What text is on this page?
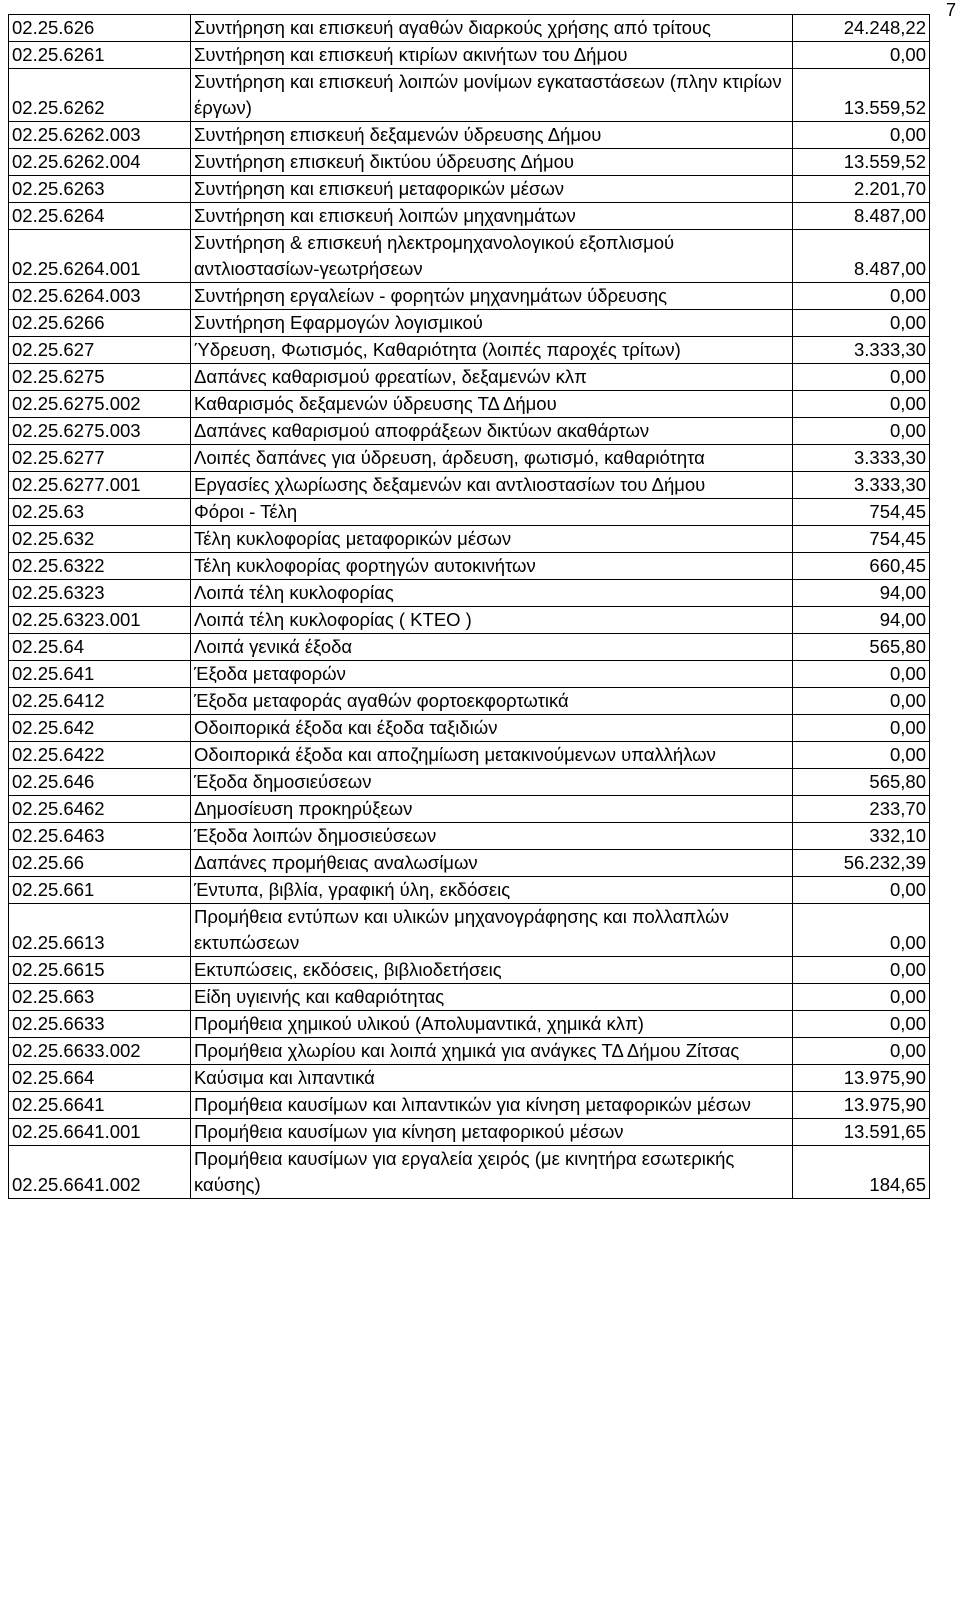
7
02.25.626	Συντήρηση και επισκευή αγαθών διαρκούς χρήσης από τρίτους	24.248,22
02.25.6261	Συντήρηση και επισκευή κτιρίων ακινήτων του Δήμου	0,00
02.25.6262	Συντήρηση και επισκευή λοιπών μονίμων εγκαταστάσεων (πλην κτιρίων έργων)	13.559,52
02.25.6262.003	Συντήρηση επισκευή δεξαμενών ύδρευσης Δήμου	0,00
02.25.6262.004	Συντήρηση επισκευή δικτύου ύδρευσης Δήμου	13.559,52
02.25.6263	Συντήρηση και επισκευή μεταφορικών μέσων	2.201,70
02.25.6264	Συντήρηση και επισκευή λοιπών μηχανημάτων	8.487,00
02.25.6264.001	Συντήρηση & επισκευή ηλεκτρομηχανολογικού εξοπλισμού αντλιοστασίων-γεωτρήσεων	8.487,00
02.25.6264.003	Συντήρηση εργαλείων - φορητών μηχανημάτων ύδρευσης	0,00
02.25.6266	Συντήρηση Εφαρμογών λογισμικού	0,00
02.25.627	Ύδρευση, Φωτισμός, Καθαριότητα (λοιπές παροχές τρίτων)	3.333,30
02.25.6275	Δαπάνες καθαρισμού φρεατίων, δεξαμενών κλπ	0,00
02.25.6275.002	Καθαρισμός δεξαμενών ύδρευσης ΤΔ Δήμου	0,00
02.25.6275.003	Δαπάνες καθαρισμού αποφράξεων δικτύων ακαθάρτων	0,00
02.25.6277	Λοιπές δαπάνες για ύδρευση, άρδευση, φωτισμό, καθαριότητα	3.333,30
02.25.6277.001	Εργασίες χλωρίωσης δεξαμενών και αντλιοστασίων του Δήμου	3.333,30
02.25.63	Φόροι - Τέλη	754,45
02.25.632	Τέλη κυκλοφορίας μεταφορικών μέσων	754,45
02.25.6322	Τέλη κυκλοφορίας φορτηγών αυτοκινήτων	660,45
02.25.6323	Λοιπά τέλη κυκλοφορίας	94,00
02.25.6323.001	Λοιπά τέλη κυκλοφορίας ( ΚΤΕΟ )	94,00
02.25.64	Λοιπά γενικά έξοδα	565,80
02.25.641	Έξοδα μεταφορών	0,00
02.25.6412	Έξοδα μεταφοράς αγαθών φορτοεκφορτωτικά	0,00
02.25.642	Οδοιπορικά έξοδα και έξοδα ταξιδιών	0,00
02.25.6422	Οδοιπορικά έξοδα και αποζημίωση μετακινούμενων υπαλλήλων	0,00
02.25.646	Έξοδα δημοσιεύσεων	565,80
02.25.6462	Δημοσίευση προκηρύξεων	233,70
02.25.6463	Έξοδα λοιπών δημοσιεύσεων	332,10
02.25.66	Δαπάνες προμήθειας αναλωσίμων	56.232,39
02.25.661	Έντυπα, βιβλία, γραφική ύλη, εκδόσεις	0,00
02.25.6613	Προμήθεια εντύπων και υλικών μηχανογράφησης και πολλαπλών εκτυπώσεων	0,00
02.25.6615	Εκτυπώσεις, εκδόσεις, βιβλιοδετήσεις	0,00
02.25.663	Είδη υγιεινής και καθαριότητας	0,00
02.25.6633	Προμήθεια χημικού υλικού (Απολυμαντικά, χημικά κλπ)	0,00
02.25.6633.002	Προμήθεια χλωρίου και λοιπά χημικά για ανάγκες ΤΔ Δήμου Ζίτσας	0,00
02.25.664	Καύσιμα και λιπαντικά	13.975,90
02.25.6641	Προμήθεια καυσίμων και λιπαντικών για κίνηση μεταφορικών μέσων	13.975,90
02.25.6641.001	Προμήθεια καυσίμων για κίνηση μεταφορικού μέσων	13.591,65
02.25.6641.002	Προμήθεια καυσίμων για εργαλεία χειρός (με κινητήρα εσωτερικής καύσης)	184,65
